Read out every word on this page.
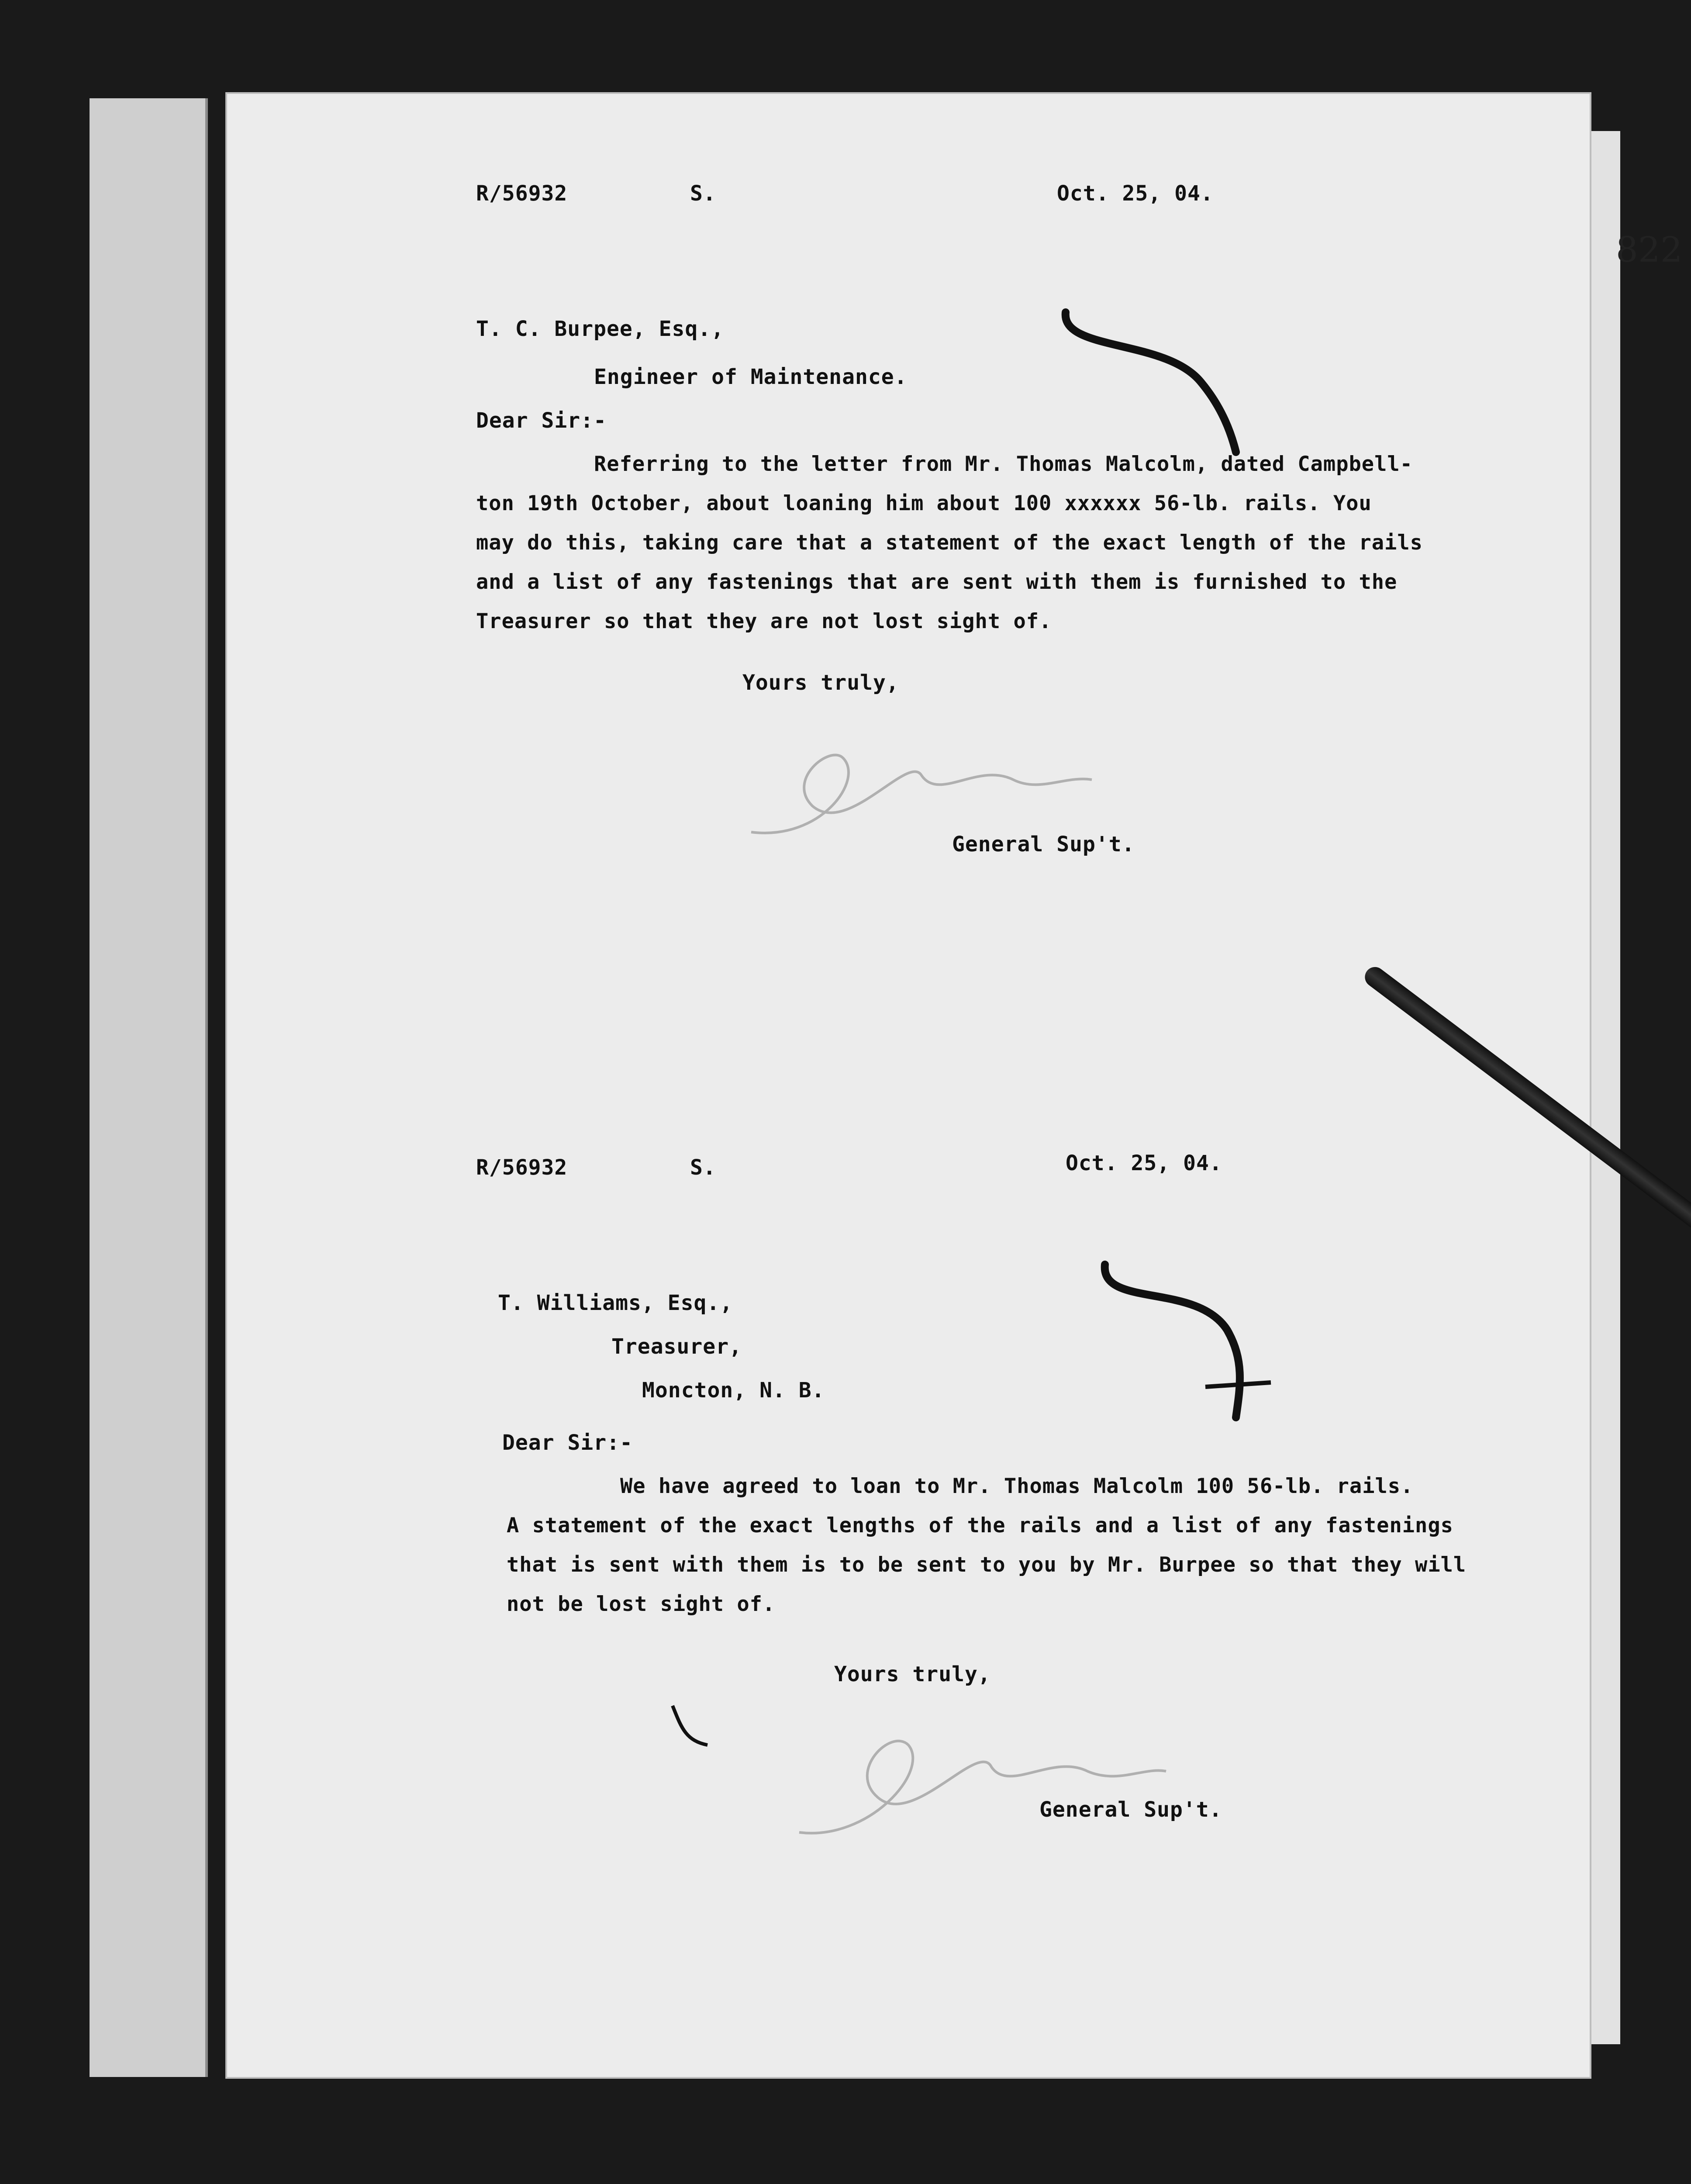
822
R/56932	S.	Oct. 25, 04.
T. C. Burpee, Esq.,
Engineer of Maintenance.
Dear Sir:-
Referring to the letter from Mr. Thomas Malcolm, dated Campbell-
ton 19th October, about loaning him about 100 xxxxxx 56-lb. rails. You
may do this, taking care that a statement of the exact length of the rails
and a list of any fastenings that are sent with them is furnished to the
Treasurer so that they are not lost sight of.
Yours truly,
General Sup't.
R/56932	S.	Oct. 25, 04.
T. Williams, Esq.,
Treasurer,
Moncton, N. B.
Dear Sir:-
We have agreed to loan to Mr. Thomas Malcolm 100 56-lb. rails.
A statement of the exact lengths of the rails and a list of any fastenings
that is sent with them is to be sent to you by Mr. Burpee so that they will
not be lost sight of.
Yours truly,
General Sup't.
